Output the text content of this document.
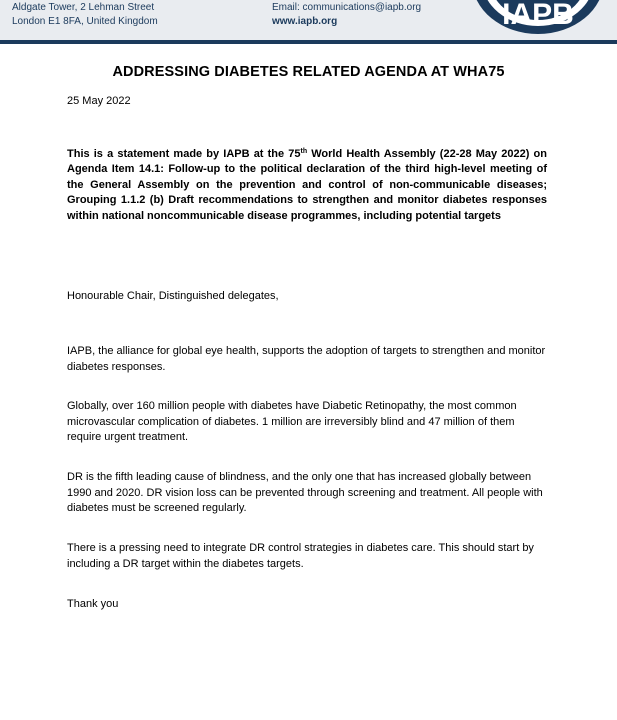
Aldgate Tower, 2 Lehman Street
London E1 8FA, United Kingdom
Email: communications@iapb.org
www.iapb.org	IAPB
ADDRESSING DIABETES RELATED AGENDA AT WHA75
25 May 2022
This is a statement made by IAPB at the 75th World Health Assembly (22-28 May 2022) on Agenda Item 14.1: Follow-up to the political declaration of the third high-level meeting of the General Assembly on the prevention and control of non-communicable diseases; Grouping 1.1.2 (b) Draft recommendations to strengthen and monitor diabetes responses within national noncommunicable disease programmes, including potential targets
Honourable Chair, Distinguished delegates,
IAPB, the alliance for global eye health, supports the adoption of targets to strengthen and monitor diabetes responses.
Globally, over 160 million people with diabetes have Diabetic Retinopathy, the most common microvascular complication of diabetes. 1 million are irreversibly blind and 47 million of them require urgent treatment.
DR is the fifth leading cause of blindness, and the only one that has increased globally between 1990 and 2020. DR vision loss can be prevented through screening and treatment. All people with diabetes must be screened regularly.
There is a pressing need to integrate DR control strategies in diabetes care. This should start by including a DR target within the diabetes targets.
Thank you
